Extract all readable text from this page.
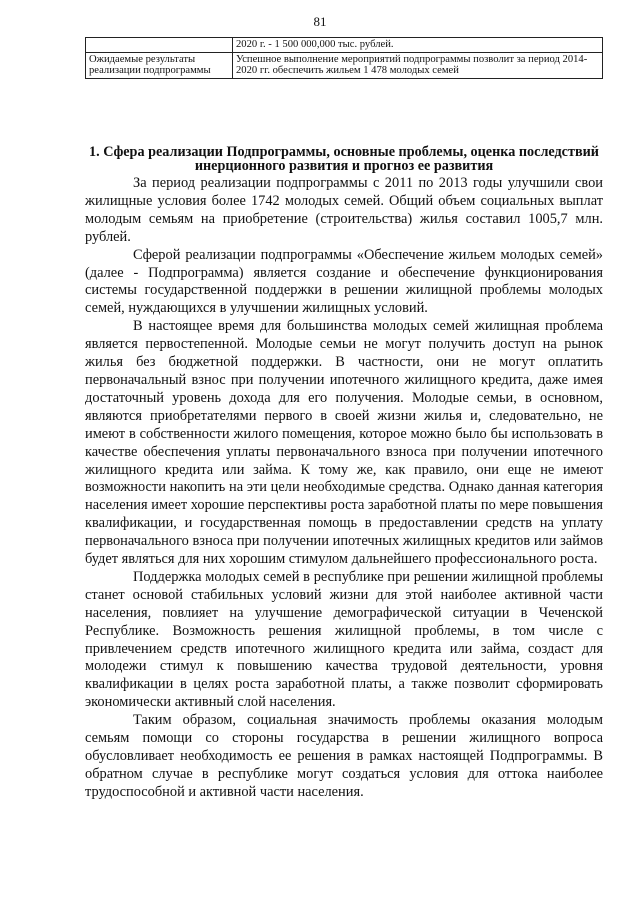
81
	2020 г. - 1 500 000,000 тыс. рублей.
Ожидаемые результаты реализации подпрограммы	Успешное выполнение мероприятий подпрограммы позволит за период 2014-2020 гг. обеспечить жильем 1 478 молодых семей
1. Сфера реализации Подпрограммы, основные проблемы, оценка последствий инерционного развития и прогноз ее развития

За период реализации подпрограммы с 2011 по 2013 годы улучшили свои жилищные условия более 1742 молодых семей. Общий объем социальных выплат молодым семьям на приобретение (строительства) жилья составил 1005,7 млн. рублей.

Сферой реализации подпрограммы «Обеспечение жильем молодых семей» (далее - Подпрограмма) является создание и обеспечение функционирования системы государственной поддержки в решении жилищной проблемы молодых семей, нуждающихся в улучшении жилищных условий.

В настоящее время для большинства молодых семей жилищная проблема является первостепенной. Молодые семьи не могут получить доступ на рынок жилья без бюджетной поддержки. В частности, они не могут оплатить первоначальный взнос при получении ипотечного жилищного кредита, даже имея достаточный уровень дохода для его получения. Молодые семьи, в основном, являются приобретателями первого в своей жизни жилья и, следовательно, не имеют в собственности жилого помещения, которое можно было бы использовать в качестве обеспечения уплаты первоначального взноса при получении ипотечного жилищного кредита или займа. К тому же, как правило, они еще не имеют возможности накопить на эти цели необходимые средства. Однако данная категория населения имеет хорошие перспективы роста заработной платы по мере повышения квалификации, и государственная помощь в предоставлении средств на уплату первоначального взноса при получении ипотечных жилищных кредитов или займов будет являться для них хорошим стимулом дальнейшего профессионального роста.

Поддержка молодых семей в республике при решении жилищной проблемы станет основой стабильных условий жизни для этой наиболее активной части населения, повлияет на улучшение демографической ситуации в Чеченской Республике. Возможность решения жилищной проблемы, в том числе с привлечением средств ипотечного жилищного кредита или займа, создаст для молодежи стимул к повышению качества трудовой деятельности, уровня квалификации в целях роста заработной платы, а также позволит сформировать экономически активный слой населения.

Таким образом, социальная значимость проблемы оказания молодым семьям помощи со стороны государства в решении жилищного вопроса обусловливает необходимость ее решения в рамках настоящей Подпрограммы. В обратном случае в республике могут создаться условия для оттока наиболее трудоспособной и активной части населения.
